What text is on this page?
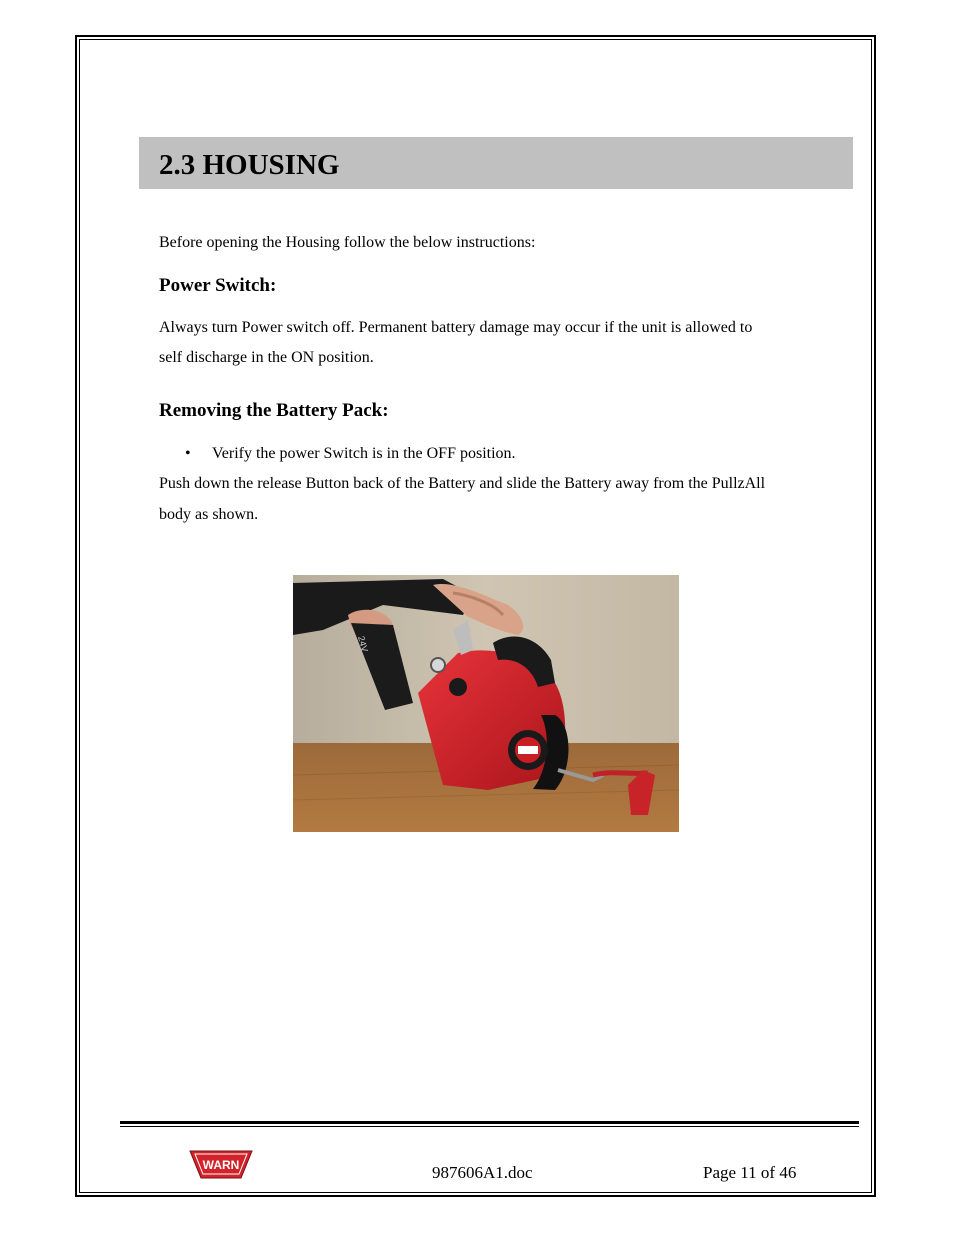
2.3 HOUSING
Before opening the Housing follow the below instructions:
Power Switch:
Always turn Power switch off. Permanent battery damage may occur if the unit is allowed to
self discharge in the ON position.
Removing the Battery Pack:
• Verify the power Switch is in the OFF position.
Push down the release Button back of the Battery and slide the Battery away from the PullzAll
body as shown.
24V
WARN	987606A1.doc	Page 11 of 46
